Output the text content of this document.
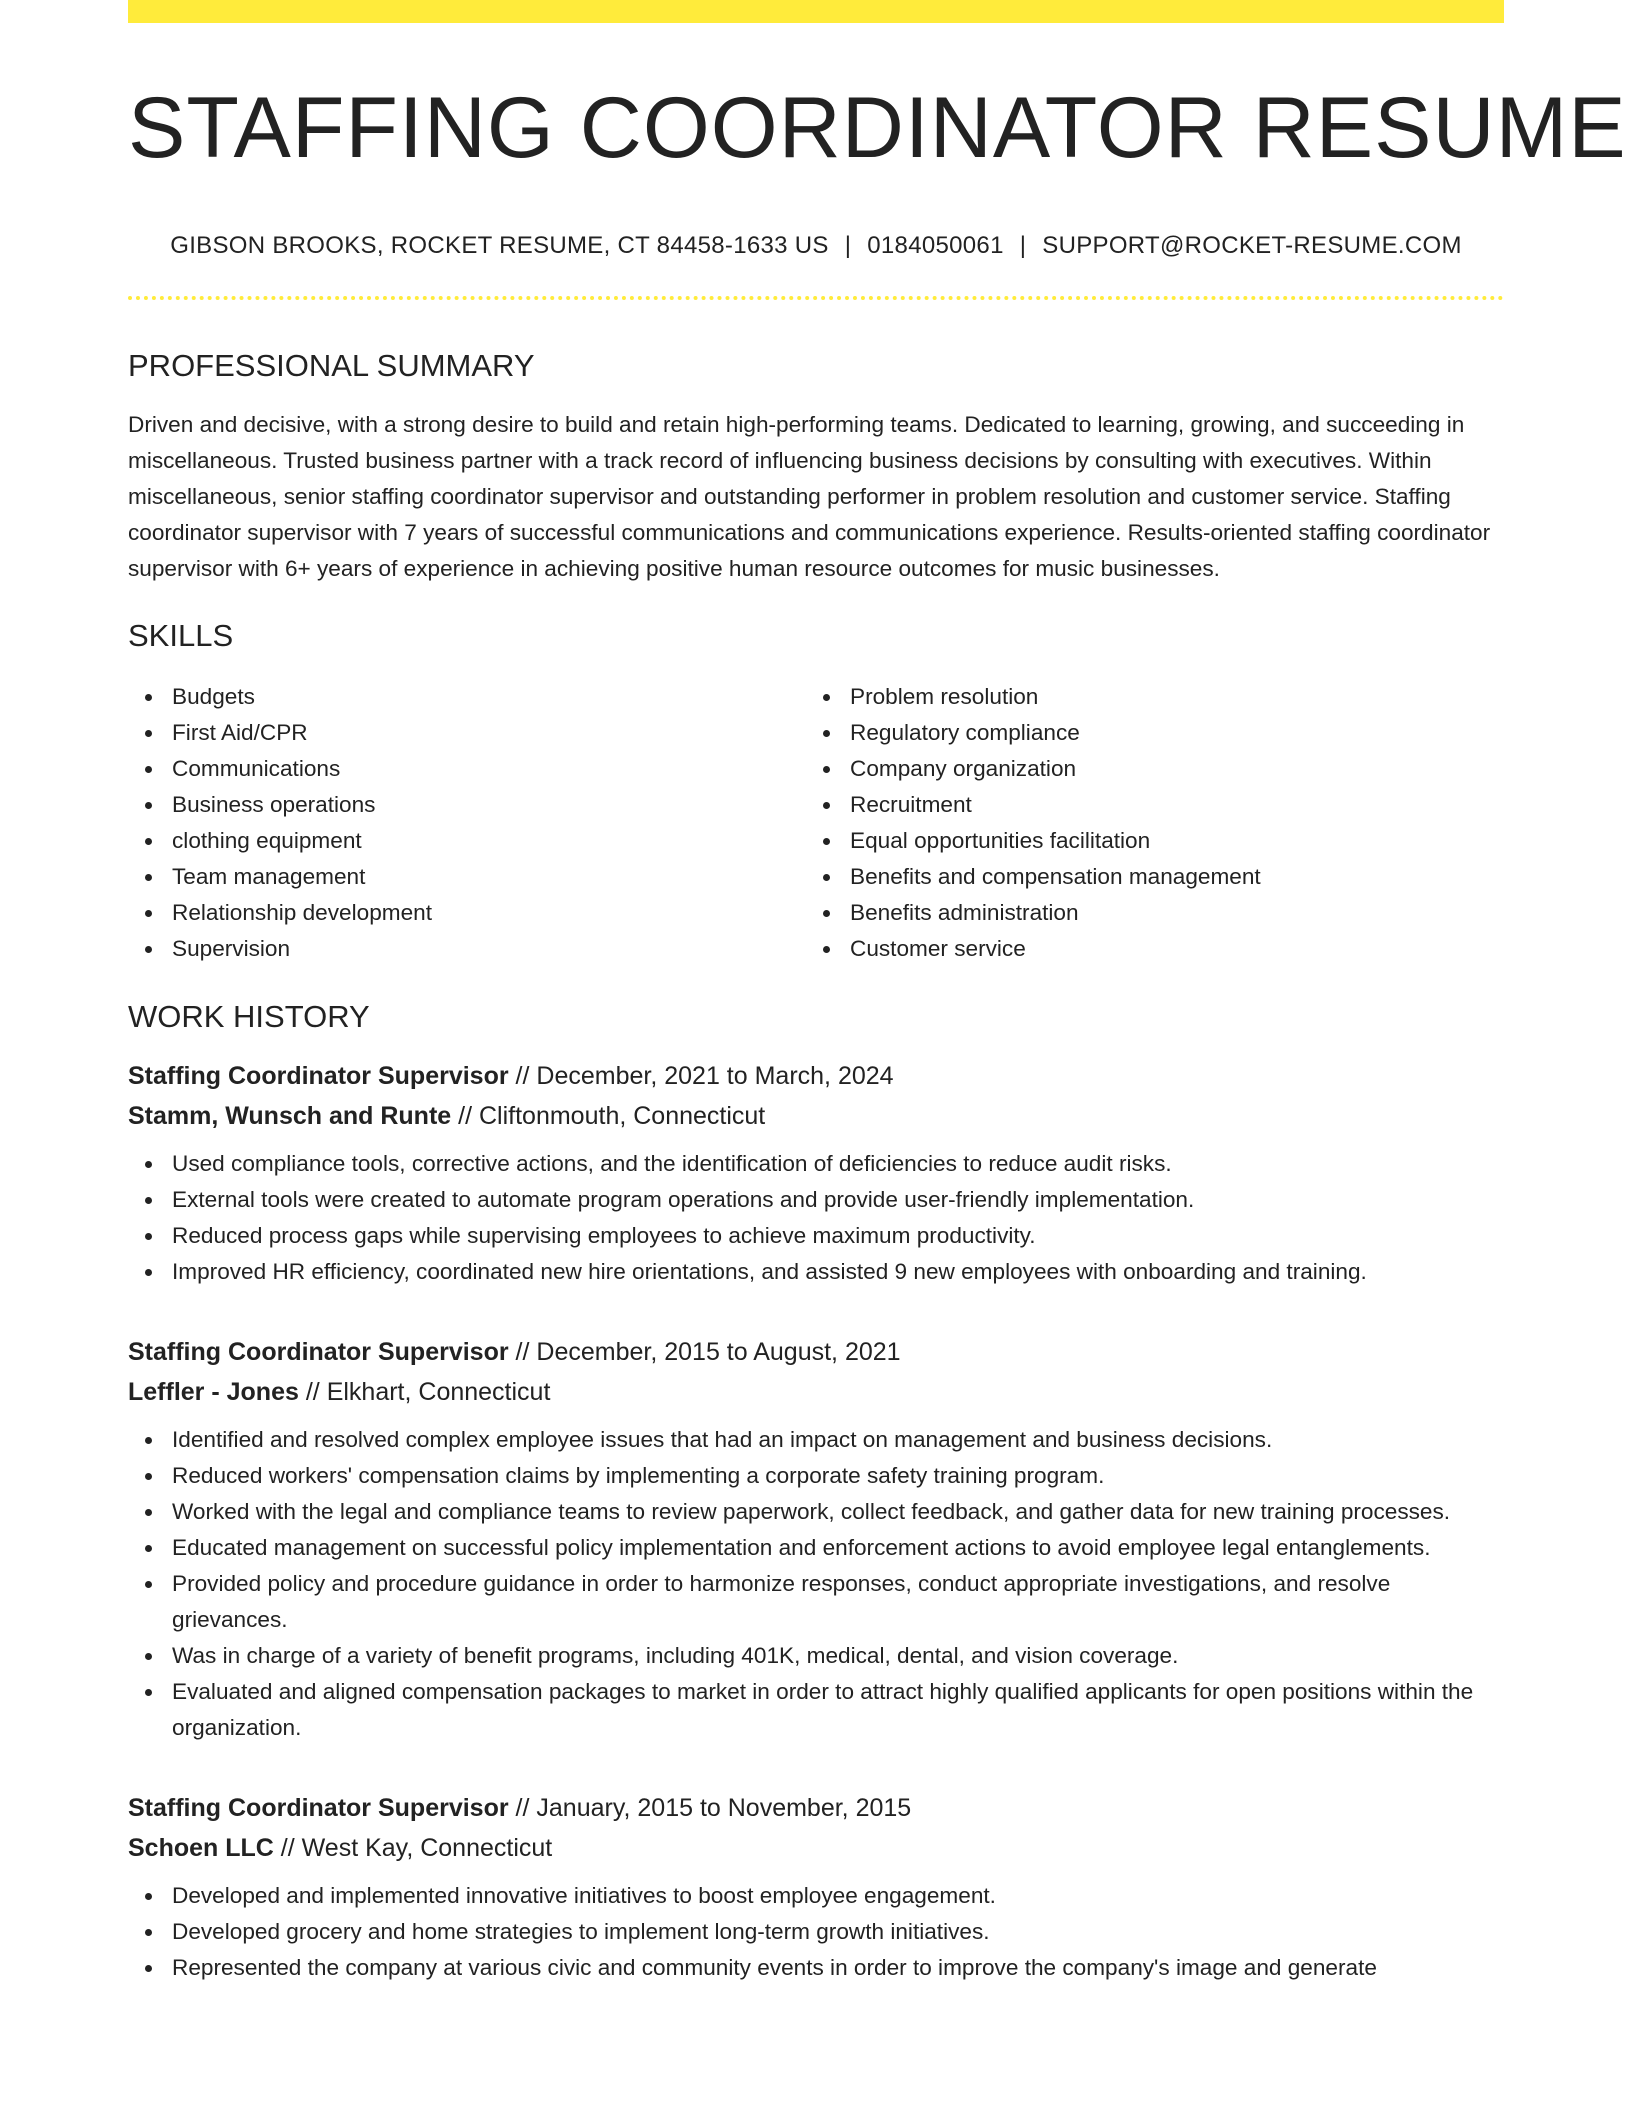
STAFFING COORDINATOR RESUME
GIBSON BROOKS, ROCKET RESUME, CT 84458-1633 US | 0184050061 | SUPPORT@ROCKET-RESUME.COM
PROFESSIONAL SUMMARY

Driven and decisive, with a strong desire to build and retain high-performing teams. Dedicated to learning, growing, and succeeding in miscellaneous. Trusted business partner with a track record of influencing business decisions by consulting with executives. Within miscellaneous, senior staffing coordinator supervisor and outstanding performer in problem resolution and customer service. Staffing coordinator supervisor with 7 years of successful communications and communications experience. Results-oriented staffing coordinator supervisor with 6+ years of experience in achieving positive human resource outcomes for music businesses.

SKILLS
Budgets
First Aid/CPR
Communications
Business operations
clothing equipment
Team management
Relationship development
Supervision
Problem resolution
Regulatory compliance
Company organization
Recruitment
Equal opportunities facilitation
Benefits and compensation management
Benefits administration
Customer service
WORK HISTORY
Staffing Coordinator Supervisor // December, 2021 to March, 2024
Stamm, Wunsch and Runte // Cliftonmouth, Connecticut
Used compliance tools, corrective actions, and the identification of deficiencies to reduce audit risks.
External tools were created to automate program operations and provide user-friendly implementation.
Reduced process gaps while supervising employees to achieve maximum productivity.
Improved HR efficiency, coordinated new hire orientations, and assisted 9 new employees with onboarding and training.
Staffing Coordinator Supervisor // December, 2015 to August, 2021
Leffler - Jones // Elkhart, Connecticut
Identified and resolved complex employee issues that had an impact on management and business decisions.
Reduced workers' compensation claims by implementing a corporate safety training program.
Worked with the legal and compliance teams to review paperwork, collect feedback, and gather data for new training processes.
Educated management on successful policy implementation and enforcement actions to avoid employee legal entanglements.
Provided policy and procedure guidance in order to harmonize responses, conduct appropriate investigations, and resolve grievances.
Was in charge of a variety of benefit programs, including 401K, medical, dental, and vision coverage.
Evaluated and aligned compensation packages to market in order to attract highly qualified applicants for open positions within the organization.
Staffing Coordinator Supervisor // January, 2015 to November, 2015
Schoen LLC // West Kay, Connecticut
Developed and implemented innovative initiatives to boost employee engagement.
Developed grocery and home strategies to implement long-term growth initiatives.
Represented the company at various civic and community events in order to improve the company's image and generate
